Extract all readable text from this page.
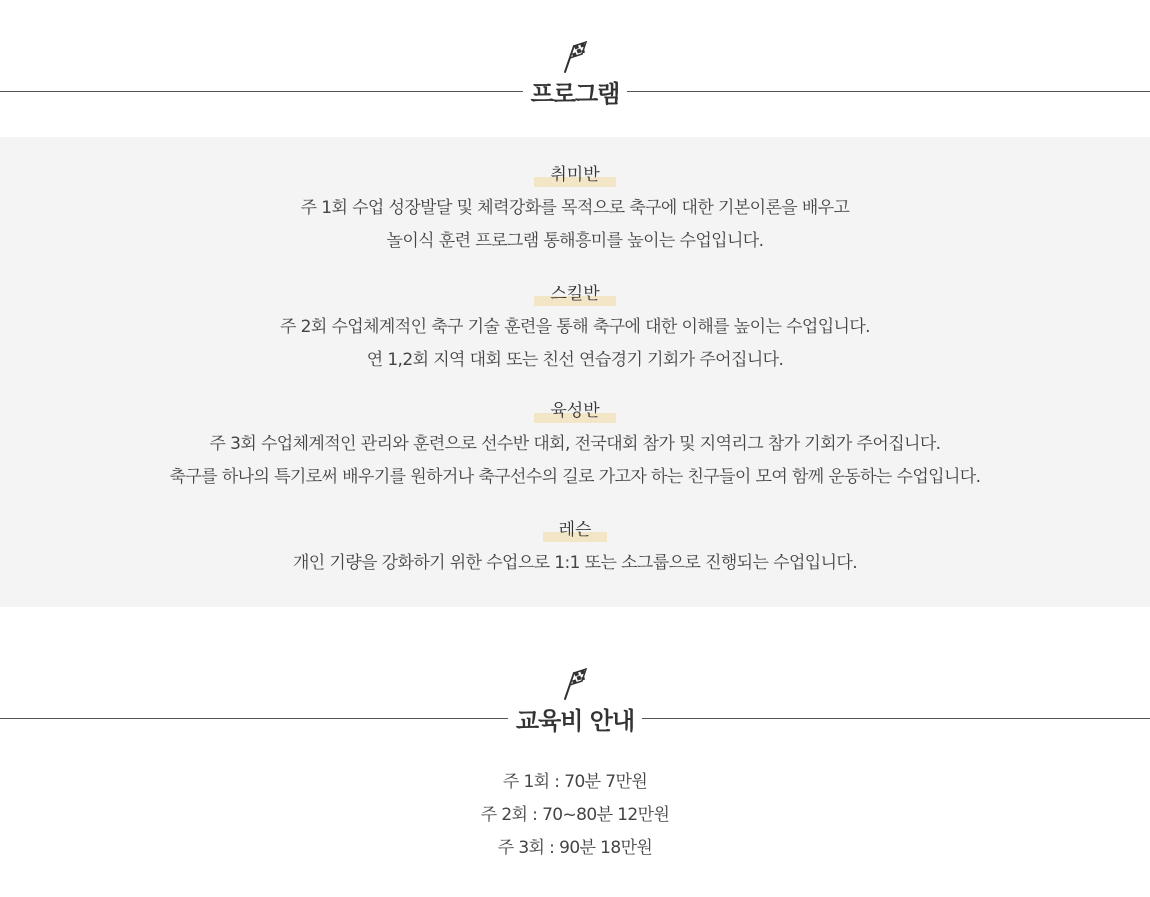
프로그램
취미반
주 1회 수업 성장발달 및 체력강화를 목적으로 축구에 대한 기본이론을 배우고
놀이식 훈련 프로그램 통해흥미를 높이는 수업입니다.
스킬반
주 2회 수업체계적인 축구 기술 훈련을 통해 축구에 대한 이해를 높이는 수업입니다.
연 1,2회 지역 대회 또는 친선 연습경기 기회가 주어집니다.
육성반
주 3회 수업체계적인 관리와 훈련으로 선수반 대회, 전국대회 참가 및 지역리그 참가 기회가 주어집니다.
축구를 하나의 특기로써 배우기를 원하거나 축구선수의 길로 가고자 하는 친구들이 모여 함께 운동하는 수업입니다.
레슨
개인 기량을 강화하기 위한 수업으로 1:1 또는 소그룹으로 진행되는 수업입니다.
교육비 안내
주 1회 : 70분 7만원
주 2회 : 70~80분 12만원
주 3회 : 90분 18만원
